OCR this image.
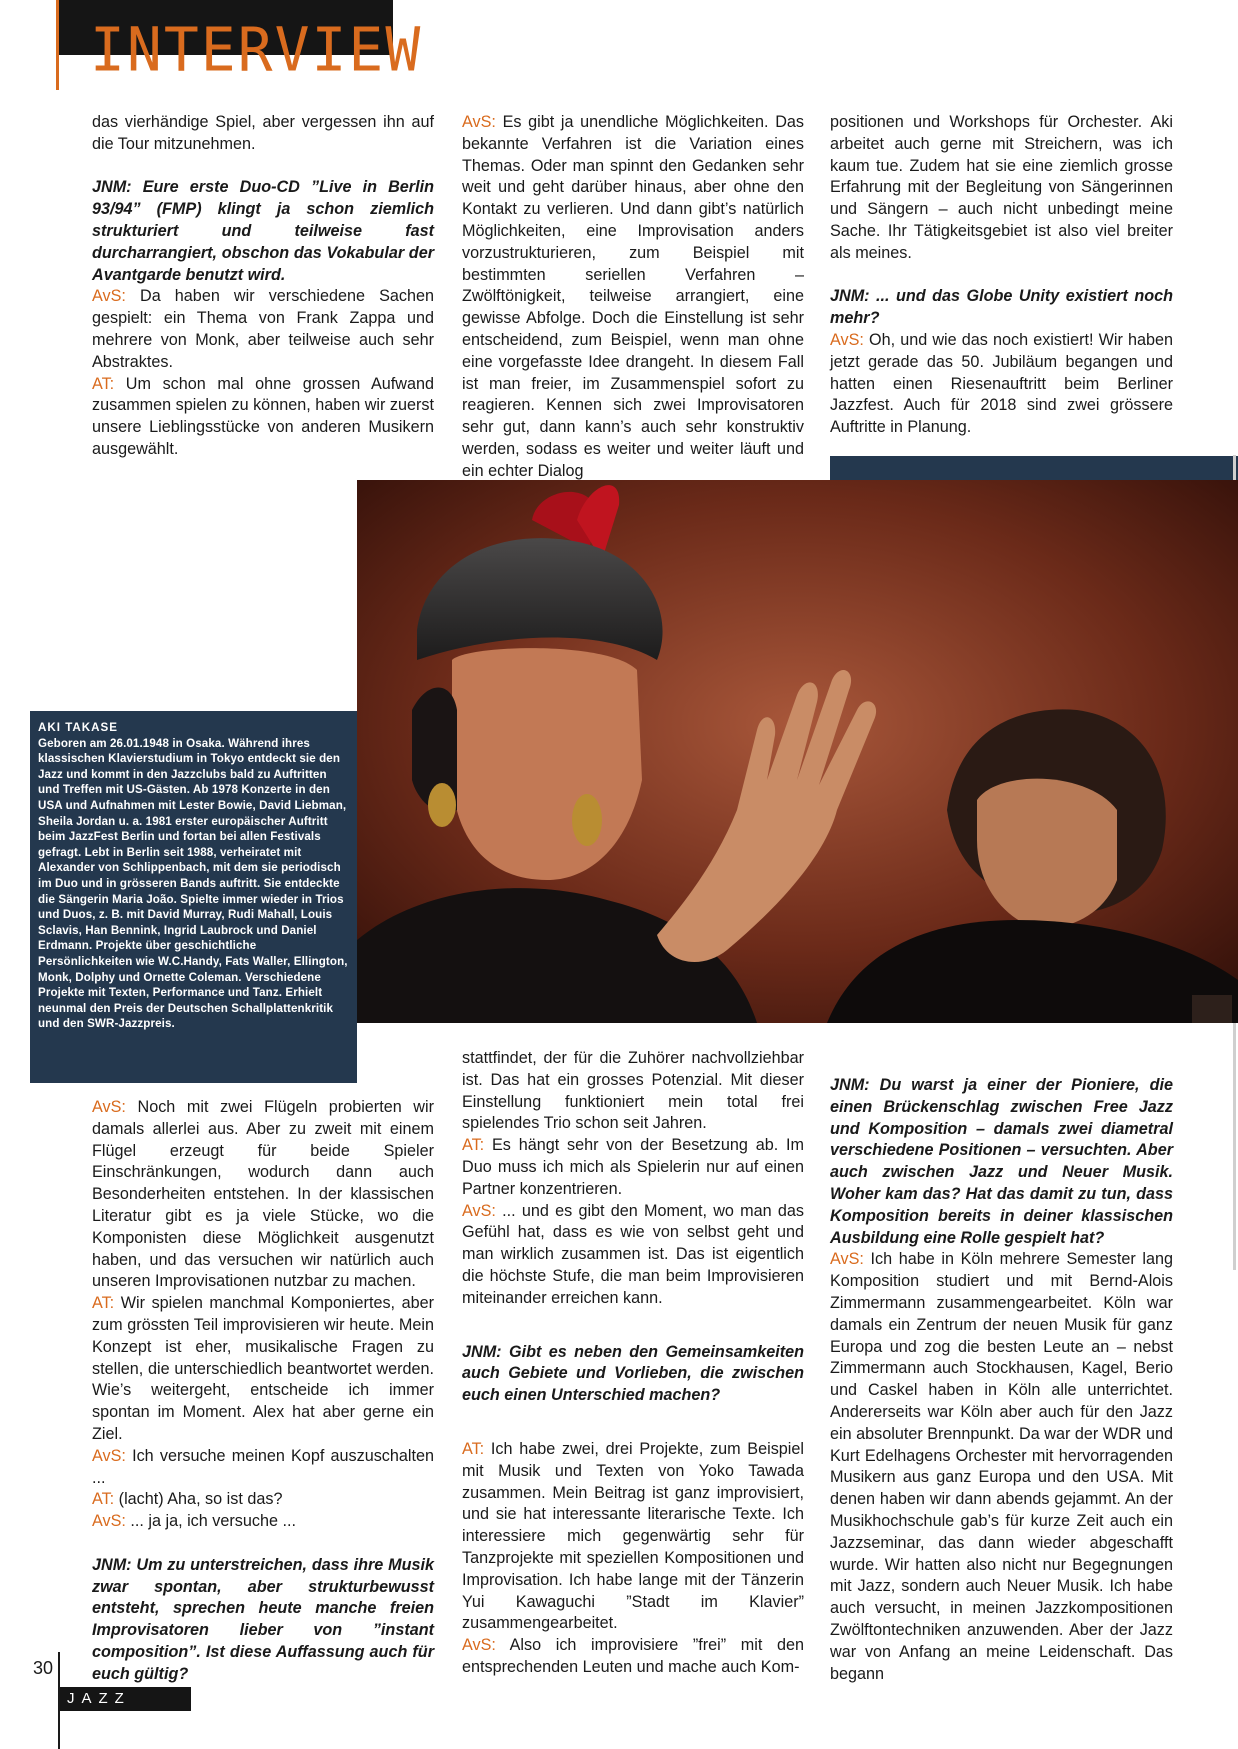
INTERVIEW

das vierhändige Spiel, aber vergessen ihn auf die Tour mitzunehmen.

JNM: Eure erste Duo-CD ”Live in Berlin 93/94” (FMP) klingt ja schon ziemlich strukturiert und teilweise fast durcharrangiert, obschon das Vokabular der Avantgarde benutzt wird.

AvS: Da haben wir verschiedene Sachen gespielt: ein Thema von Frank Zappa und mehrere von Monk, aber teilweise auch sehr Abstraktes.

AT: Um schon mal ohne grossen Aufwand zusammen spielen zu können, haben wir zuerst unsere Lieblingsstücke von anderen Musikern ausgewählt.

AvS: Es gibt ja unendliche Möglichkeiten. Das bekannte Verfahren ist die Variation eines Themas. Oder man spinnt den Gedanken sehr weit und geht darüber hinaus, aber ohne den Kontakt zu verlieren. Und dann gibt’s natürlich Möglichkeiten, eine Improvisation anders vorzustrukturieren, zum Beispiel mit bestimmten seriellen Verfahren – Zwölftönigkeit, teilweise arrangiert, eine gewisse Abfolge. Doch die Einstellung ist sehr entscheidend, zum Beispiel, wenn man ohne eine vorgefasste Idee drangeht. In diesem Fall ist man freier, im Zusammenspiel sofort zu reagieren. Kennen sich zwei Improvisatoren sehr gut, dann kann’s auch sehr konstruktiv werden, sodass es weiter und weiter läuft und ein echter Dialog

positionen und Workshops für Orchester. Aki arbeitet auch gerne mit Streichern, was ich kaum tue. Zudem hat sie eine ziemlich grosse Erfahrung mit der Begleitung von Sängerinnen und Sängern – auch nicht unbedingt meine Sache. Ihr Tätigkeitsgebiet ist also viel breiter als meines.

JNM: ... und das Globe Unity existiert noch mehr?

AvS: Oh, und wie das noch existiert! Wir haben jetzt gerade das 50. Jubiläum begangen und hatten einen Riesenauftritt beim Berliner Jazzfest. Auch für 2018 sind zwei grössere Auftritte in Planung.

AKI TAKASE
Geboren am 26.01.1948 in Osaka. Während ihres klassischen Klavierstudium in Tokyo entdeckt sie den Jazz und kommt in den Jazzclubs bald zu Auftritten und Treffen mit US-Gästen. Ab 1978 Konzerte in den USA und Aufnahmen mit Lester Bowie, David Liebman, Sheila Jordan u. a. 1981 erster europäischer Auftritt beim JazzFest Berlin und fortan bei allen Festivals gefragt. Lebt in Berlin seit 1988, verheiratet mit Alexander von Schlippenbach, mit dem sie periodisch im Duo und in grösseren Bands auftritt. Sie entdeckte die Sängerin Maria João. Spielte immer wieder in Trios und Duos, z. B. mit David Murray, Rudi Mahall, Louis Sclavis, Han Bennink, Ingrid Laubrock und Daniel Erdmann. Projekte über geschichtliche Persönlichkeiten wie W.C.Handy, Fats Waller, Ellington, Monk, Dolphy und Ornette Coleman. Verschiedene Projekte mit Texten, Performance und Tanz. Erhielt neunmal den Preis der Deutschen Schallplattenkritik und den SWR-Jazzpreis.

AvS: Noch mit zwei Flügeln probierten wir damals allerlei aus. Aber zu zweit mit einem Flügel erzeugt für beide Spieler Einschränkungen, wodurch dann auch Besonderheiten entstehen. In der klassischen Literatur gibt es ja viele Stücke, wo die Komponisten diese Möglichkeit ausgenutzt haben, und das versuchen wir natürlich auch unseren Improvisationen nutzbar zu machen.

AT: Wir spielen manchmal Komponiertes, aber zum grössten Teil improvisieren wir heute. Mein Konzept ist eher, musikalische Fragen zu stellen, die unterschiedlich beantwortet werden. Wie’s weitergeht, entscheide ich immer spontan im Moment. Alex hat aber gerne ein Ziel.

AvS: Ich versuche meinen Kopf auszuschalten ...

AT: (lacht) Aha, so ist das?

AvS: ... ja ja, ich versuche ...

JNM: Um zu unterstreichen, dass ihre Musik zwar spontan, aber strukturbewusst entsteht, sprechen heute manche freien Improvisatoren lieber von ”instant composition”. Ist diese Auffassung auch für euch gültig?

stattfindet, der für die Zuhörer nachvollziehbar ist. Das hat ein grosses Potenzial. Mit dieser Einstellung funktioniert mein total frei spielendes Trio schon seit Jahren.

AT: Es hängt sehr von der Besetzung ab. Im Duo muss ich mich als Spielerin nur auf einen Partner konzentrieren.

AvS: ... und es gibt den Moment, wo man das Gefühl hat, dass es wie von selbst geht und man wirklich zusammen ist. Das ist eigentlich die höchste Stufe, die man beim Improvisieren miteinander erreichen kann.

JNM: Gibt es neben den Gemeinsamkeiten auch Gebiete und Vorlieben, die zwischen euch einen Unterschied machen?

AT: Ich habe zwei, drei Projekte, zum Beispiel mit Musik und Texten von Yoko Tawada zusammen. Mein Beitrag ist ganz improvisiert, und sie hat interessante literarische Texte. Ich interessiere mich gegenwärtig sehr für Tanzprojekte mit speziellen Kompositionen und Improvisation. Ich habe lange mit der Tänzerin Yui Kawaguchi ”Stadt im Klavier” zusammengearbeitet.

AvS: Also ich improvisiere ”frei” mit den entsprechenden Leuten und mache auch Kom-

JNM: Du warst ja einer der Pioniere, die einen Brückenschlag zwischen Free Jazz und Komposition – damals zwei diametral verschiedene Positionen – versuchten. Aber auch zwischen Jazz und Neuer Musik. Woher kam das? Hat das damit zu tun, dass Komposition bereits in deiner klassischen Ausbildung eine Rolle gespielt hat?

AvS: Ich habe in Köln mehrere Semester lang Komposition studiert und mit Bernd-Alois Zimmermann zusammengearbeitet. Köln war damals ein Zentrum der neuen Musik für ganz Europa und zog die besten Leute an – nebst Zimmermann auch Stockhausen, Kagel, Berio und Caskel haben in Köln alle unterrichtet. Andererseits war Köln aber auch für den Jazz ein absoluter Brennpunkt. Da war der WDR und Kurt Edelhagens Orchester mit hervorragenden Musikern aus ganz Europa und den USA. Mit denen haben wir dann abends gejammt. An der Musikhochschule gab’s für kurze Zeit auch ein Jazzseminar, das dann wieder abgeschafft wurde. Wir hatten also nicht nur Begegnungen mit Jazz, sondern auch Neuer Musik. Ich habe auch versucht, in meinen Jazzkompositionen Zwölftontechniken anzuwenden. Aber der Jazz war von Anfang an meine Leidenschaft. Das begann

30

JAZZ
